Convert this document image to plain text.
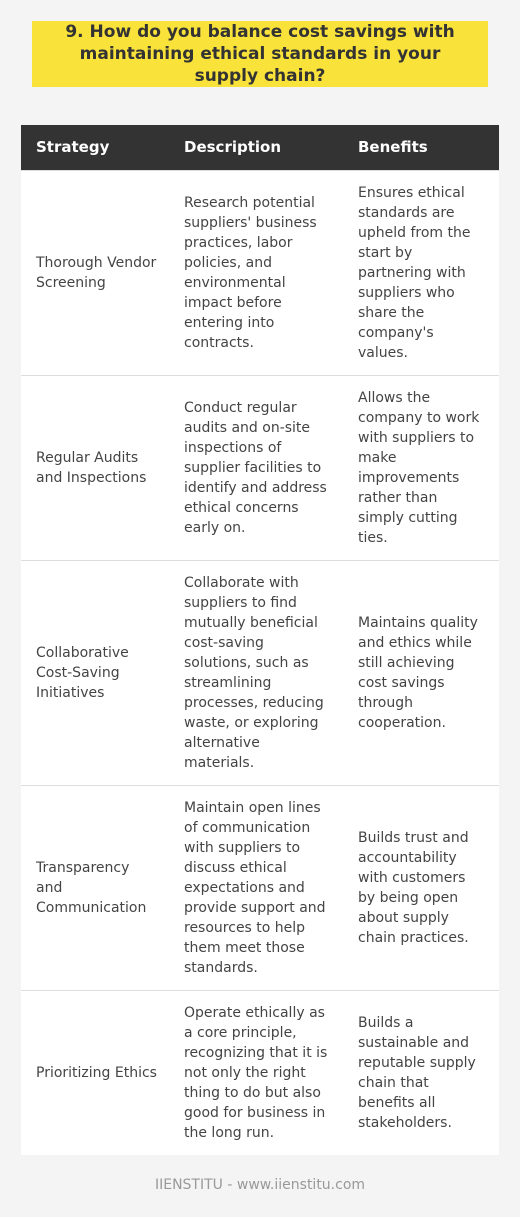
9. How do you balance cost savings with maintaining ethical standards in your supply chain?
Strategy	Description	Benefits
Thorough Vendor Screening	Research potential suppliers' business practices, labor policies, and environmental impact before entering into contracts.	Ensures ethical standards are upheld from the start by partnering with suppliers who share the company's values.
Regular Audits and Inspections	Conduct regular audits and on-site inspections of supplier facilities to identify and address ethical concerns early on.	Allows the company to work with suppliers to make improvements rather than simply cutting ties.
Collaborative Cost-Saving Initiatives	Collaborate with suppliers to find mutually beneficial cost-saving solutions, such as streamlining processes, reducing waste, or exploring alternative materials.	Maintains quality and ethics while still achieving cost savings through cooperation.
Transparency and Communication	Maintain open lines of communication with suppliers to discuss ethical expectations and provide support and resources to help them meet those standards.	Builds trust and accountability with customers by being open about supply chain practices.
Prioritizing Ethics	Operate ethically as a core principle, recognizing that it is not only the right thing to do but also good for business in the long run.	Builds a sustainable and reputable supply chain that benefits all stakeholders.
IIENSTITU - www.iienstitu.com
